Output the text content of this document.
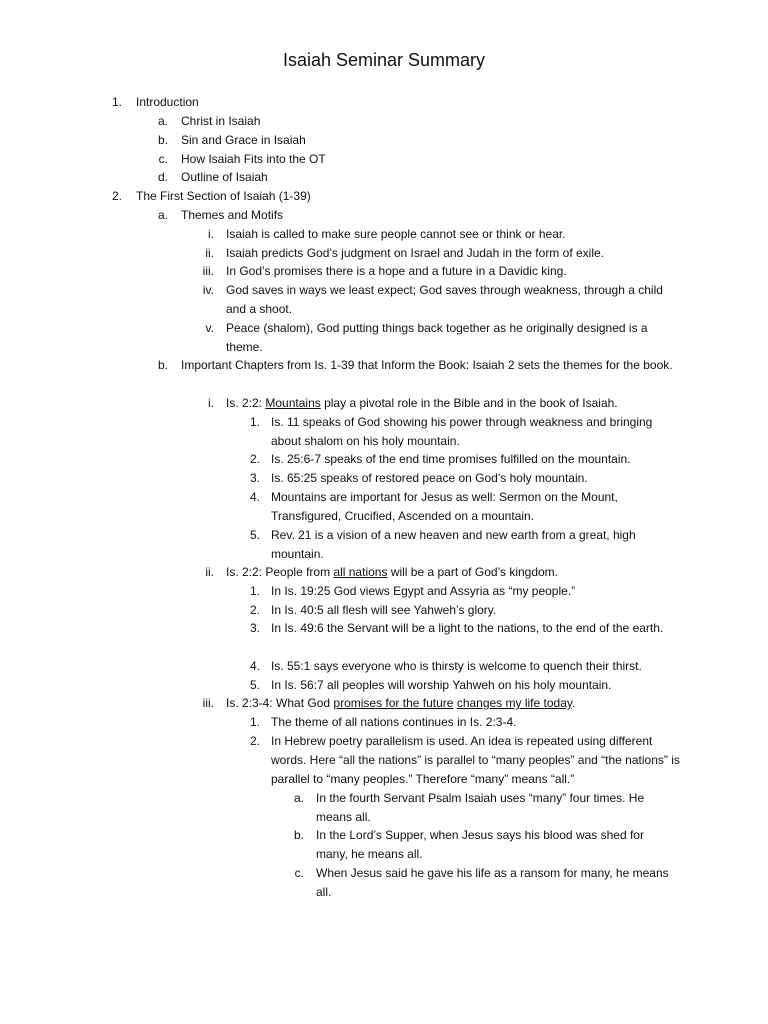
Isaiah Seminar Summary
1. Introduction
a. Christ in Isaiah
b. Sin and Grace in Isaiah
c. How Isaiah Fits into the OT
d. Outline of Isaiah
2. The First Section of Isaiah (1-39)
a. Themes and Motifs
i. Isaiah is called to make sure people cannot see or think or hear.
ii. Isaiah predicts God’s judgment on Israel and Judah in the form of exile.
iii. In God’s promises there is a hope and a future in a Davidic king.
iv. God saves in ways we least expect; God saves through weakness, through a child and a shoot.
v. Peace (shalom), God putting things back together as he originally designed is a theme.
b. Important Chapters from Is. 1-39 that Inform the Book: Isaiah 2 sets the themes for the book.
i. Is. 2:2: Mountains play a pivotal role in the Bible and in the book of Isaiah.
1. Is. 11 speaks of God showing his power through weakness and bringing about shalom on his holy mountain.
2. Is. 25:6-7 speaks of the end time promises fulfilled on the mountain.
3. Is. 65:25 speaks of restored peace on God’s holy mountain.
4. Mountains are important for Jesus as well: Sermon on the Mount, Transfigured, Crucified, Ascended on a mountain.
5. Rev. 21 is a vision of a new heaven and new earth from a great, high mountain.
ii. Is. 2:2: People from all nations will be a part of God’s kingdom.
1. In Is. 19:25 God views Egypt and Assyria as “my people.”
2. In Is. 40:5 all flesh will see Yahweh’s glory.
3. In Is. 49:6 the Servant will be a light to the nations, to the end of the earth.
4. Is. 55:1 says everyone who is thirsty is welcome to quench their thirst.
5. In Is. 56:7 all peoples will worship Yahweh on his holy mountain.
iii. Is. 2:3-4: What God promises for the future changes my life today.
1. The theme of all nations continues in Is. 2:3-4.
2. In Hebrew poetry parallelism is used. An idea is repeated using different words. Here “all the nations” is parallel to “many peoples” and “the nations” is parallel to “many peoples.” Therefore “many” means “all.”
a. In the fourth Servant Psalm Isaiah uses “many” four times. He means all.
b. In the Lord’s Supper, when Jesus says his blood was shed for many, he means all.
c. When Jesus said he gave his life as a ransom for many, he means all.
